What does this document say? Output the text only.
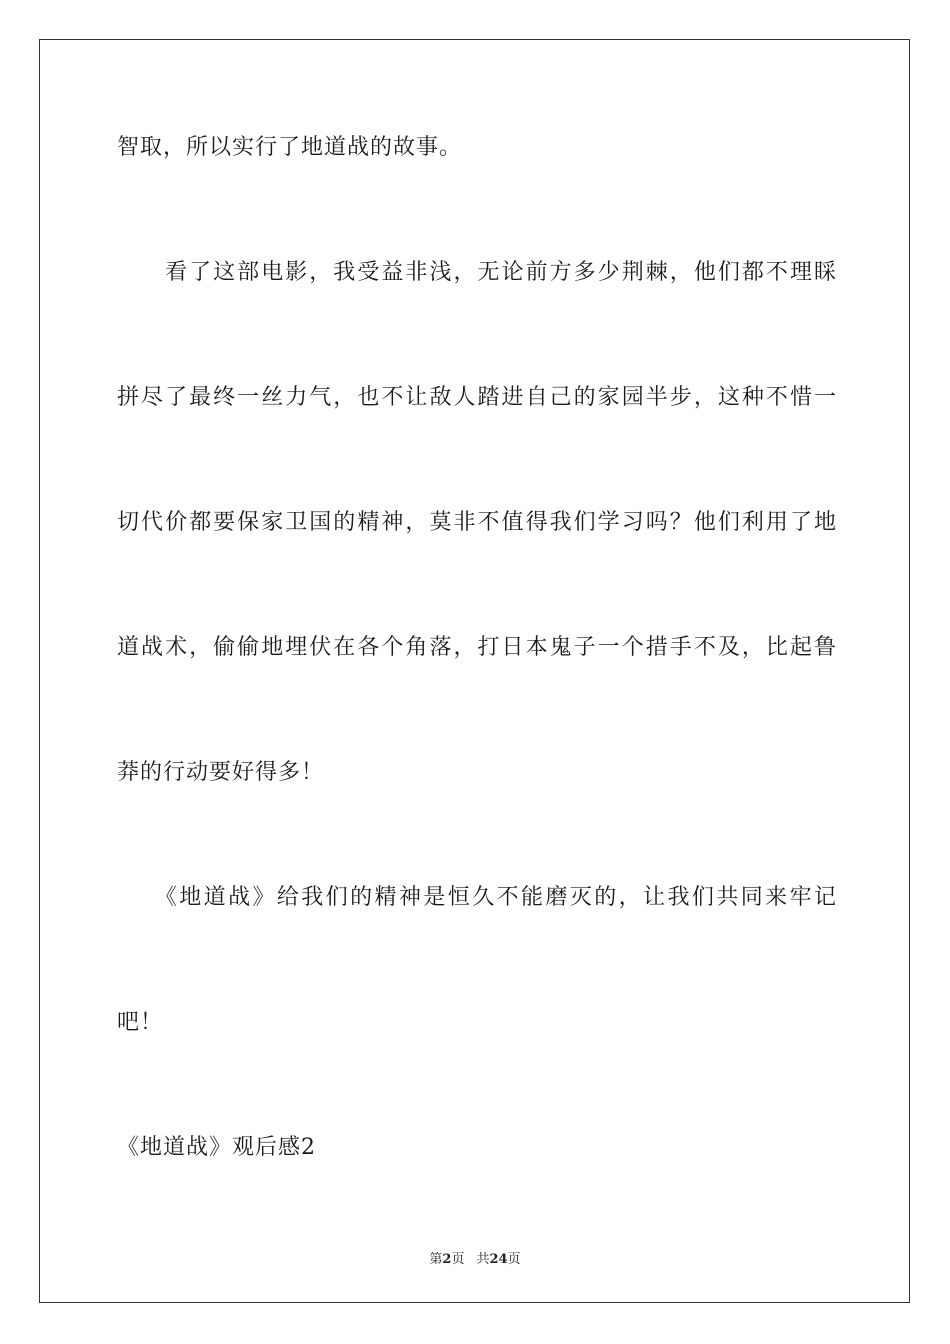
智取，所以实行了地道战的故事。
　　看了这部电影，我受益非浅，无论前方多少荆棘，他们都不理睬
拼尽了最终一丝力气，也不让敌人踏进自己的家园半步，这种不惜一
切代价都要保家卫国的精神，莫非不值得我们学习吗？他们利用了地
道战术，偷偷地埋伏在各个角落，打日本鬼子一个措手不及，比起鲁
莽的行动要好得多！
　　《地道战》给我们的精神是恒久不能磨灭的，让我们共同来牢记
吧！
《地道战》观后感2
第2页 共24页
